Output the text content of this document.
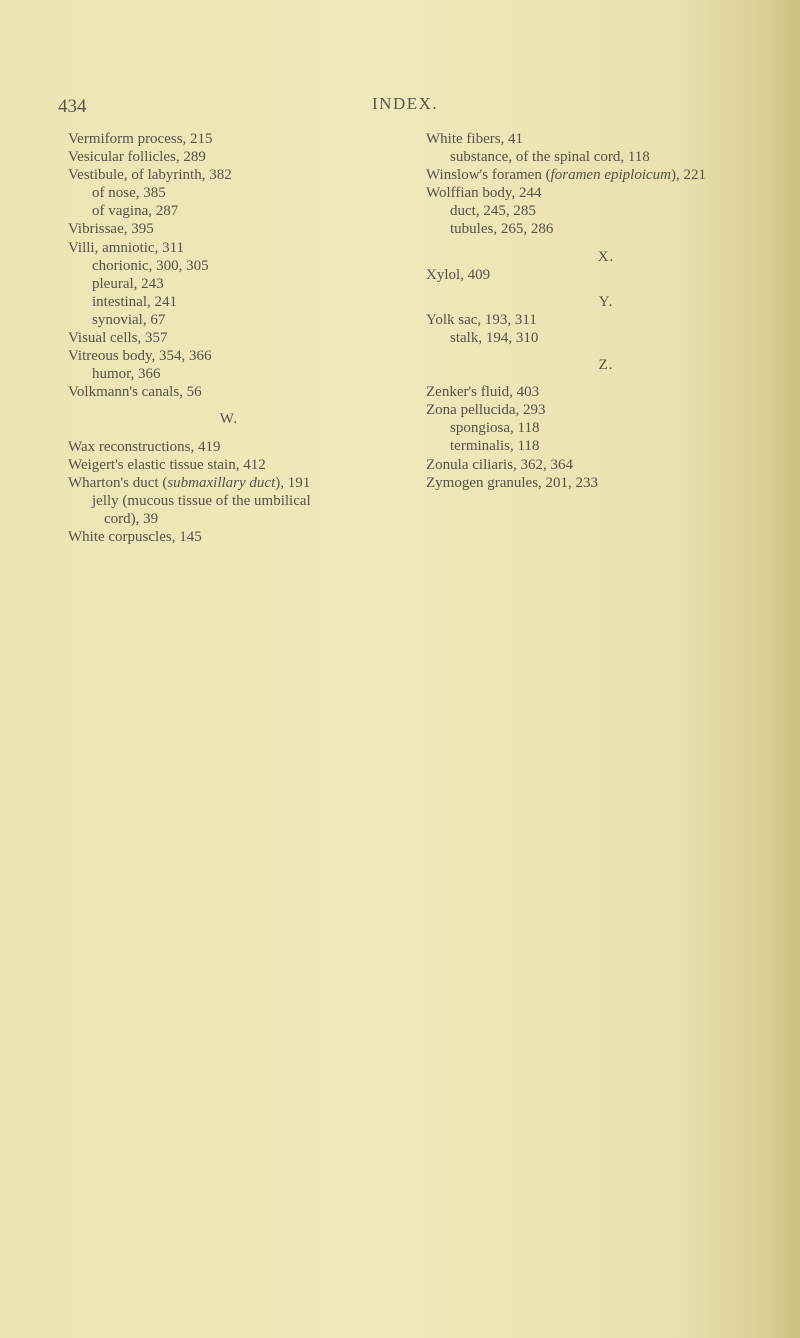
434	INDEX.
Vermiform process, 215
Vesicular follicles, 289
Vestibule, of labyrinth, 382
of nose, 385
of vagina, 287
Vibrissae, 395
Villi, amniotic, 311
chorionic, 300, 305
pleural, 243
intestinal, 241
synovial, 67
Visual cells, 357
Vitreous body, 354, 366
humor, 366
Volkmann's canals, 56
W.
Wax reconstructions, 419
Weigert's elastic tissue stain, 412
Wharton's duct (submaxillary duct), 191
jelly (mucous tissue of the umbilical
cord), 39
White corpuscles, 145
White fibers, 41
substance, of the spinal cord, 118
Winslow's foramen (foramen epiploicum), 221
Wolffian body, 244
duct, 245, 285
tubules, 265, 286
X.
Xylol, 409
Y.
Yolk sac, 193, 311
stalk, 194, 310
Z.
Zenker's fluid, 403
Zona pellucida, 293
spongiosa, 118
terminalis, 118
Zonula ciliaris, 362, 364
Zymogen granules, 201, 233
